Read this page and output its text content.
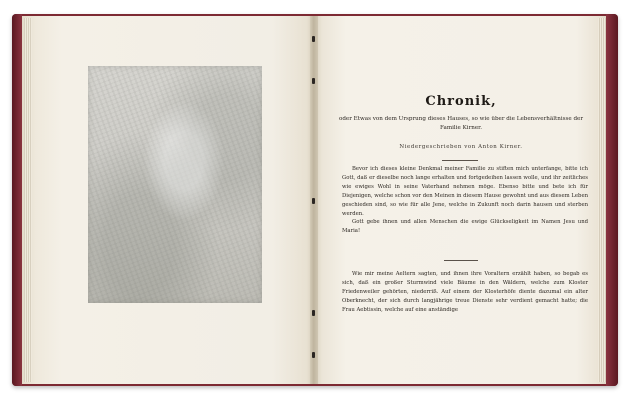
Chronik,
oder Etwas von dem Ursprung dieses Hauses, so wie über die Lebensverhältnisse der Familie Kirner.
Niedergeschrieben von Anton Kirner.

Bevor ich dieses kleine Denkmal meiner Familie zu stiften mich unterfange, bitte ich Gott, daß er dieselbe noch lange erhalten und fortgedeihen lassen wolle, und ihr zeitliches wie ewiges Wohl in seine Vaterhand nehmen möge. Ebenso bitte und bete ich für Diejenigen, welche schon vor den Meinen in diesem Hause gewohnt und aus diesem Leben geschieden sind, so wie für alle Jene, welche in Zukunft noch darin hausen und sterben werden.

Gott gebe ihnen und allen Menschen die ewige Glückseligkeit im Namen Jesu und Maria!

Wie mir meine Aeltern sagten, und ihnen ihre Voraltern erzählt haben, so begab es sich, daß ein großer Sturmwind viele Bäume in den Wäldern, welche zum Kloster Friedenweiler gehörten, niederriß. Auf einem der Klosterhöfe diente dazumal ein alter Oberknecht, der sich durch langjährige treue Dienste sehr verdient gemacht hatte; die Frau Aebtissin, welche auf eine anständige
